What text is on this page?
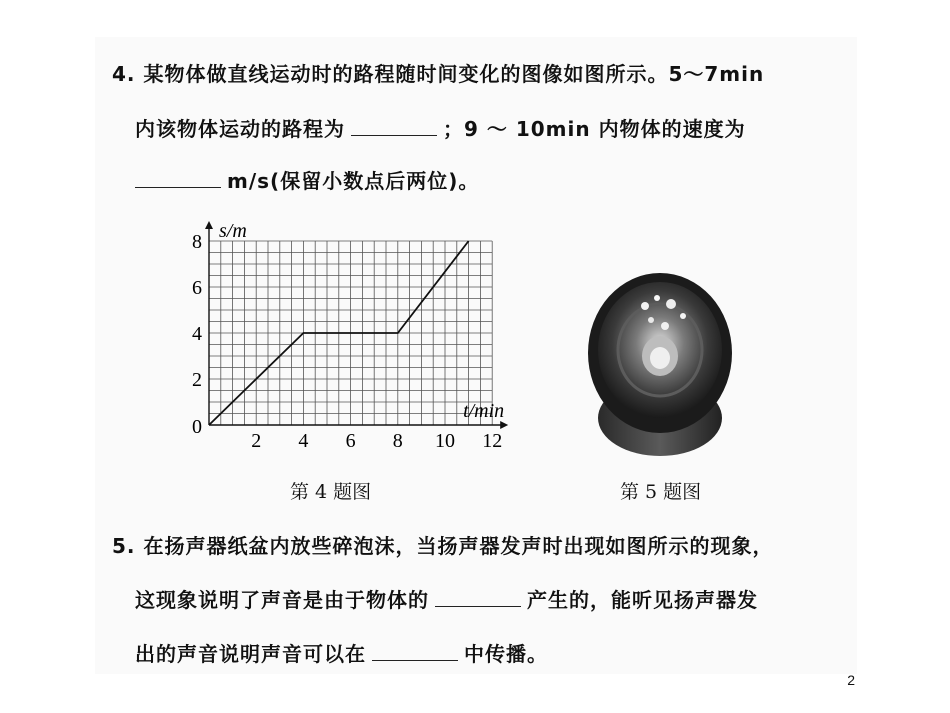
4. 某物体做直线运动时的路程随时间变化的图像如图所示。5～7min
内该物体运动的路程为	；9 ～ 10min 内物体的速度为
m/s(保留小数点后两位)。
2 4 6 8 10 12
2
4
6
8
0
t/min
s/m
第 4 题图	第 5 题图
5. 在扬声器纸盆内放些碎泡沫，当扬声器发声时出现如图所示的现象，
这现象说明了声音是由于物体的	产生的，能听见扬声器发
出的声音说明声音可以在	中传播。
2
